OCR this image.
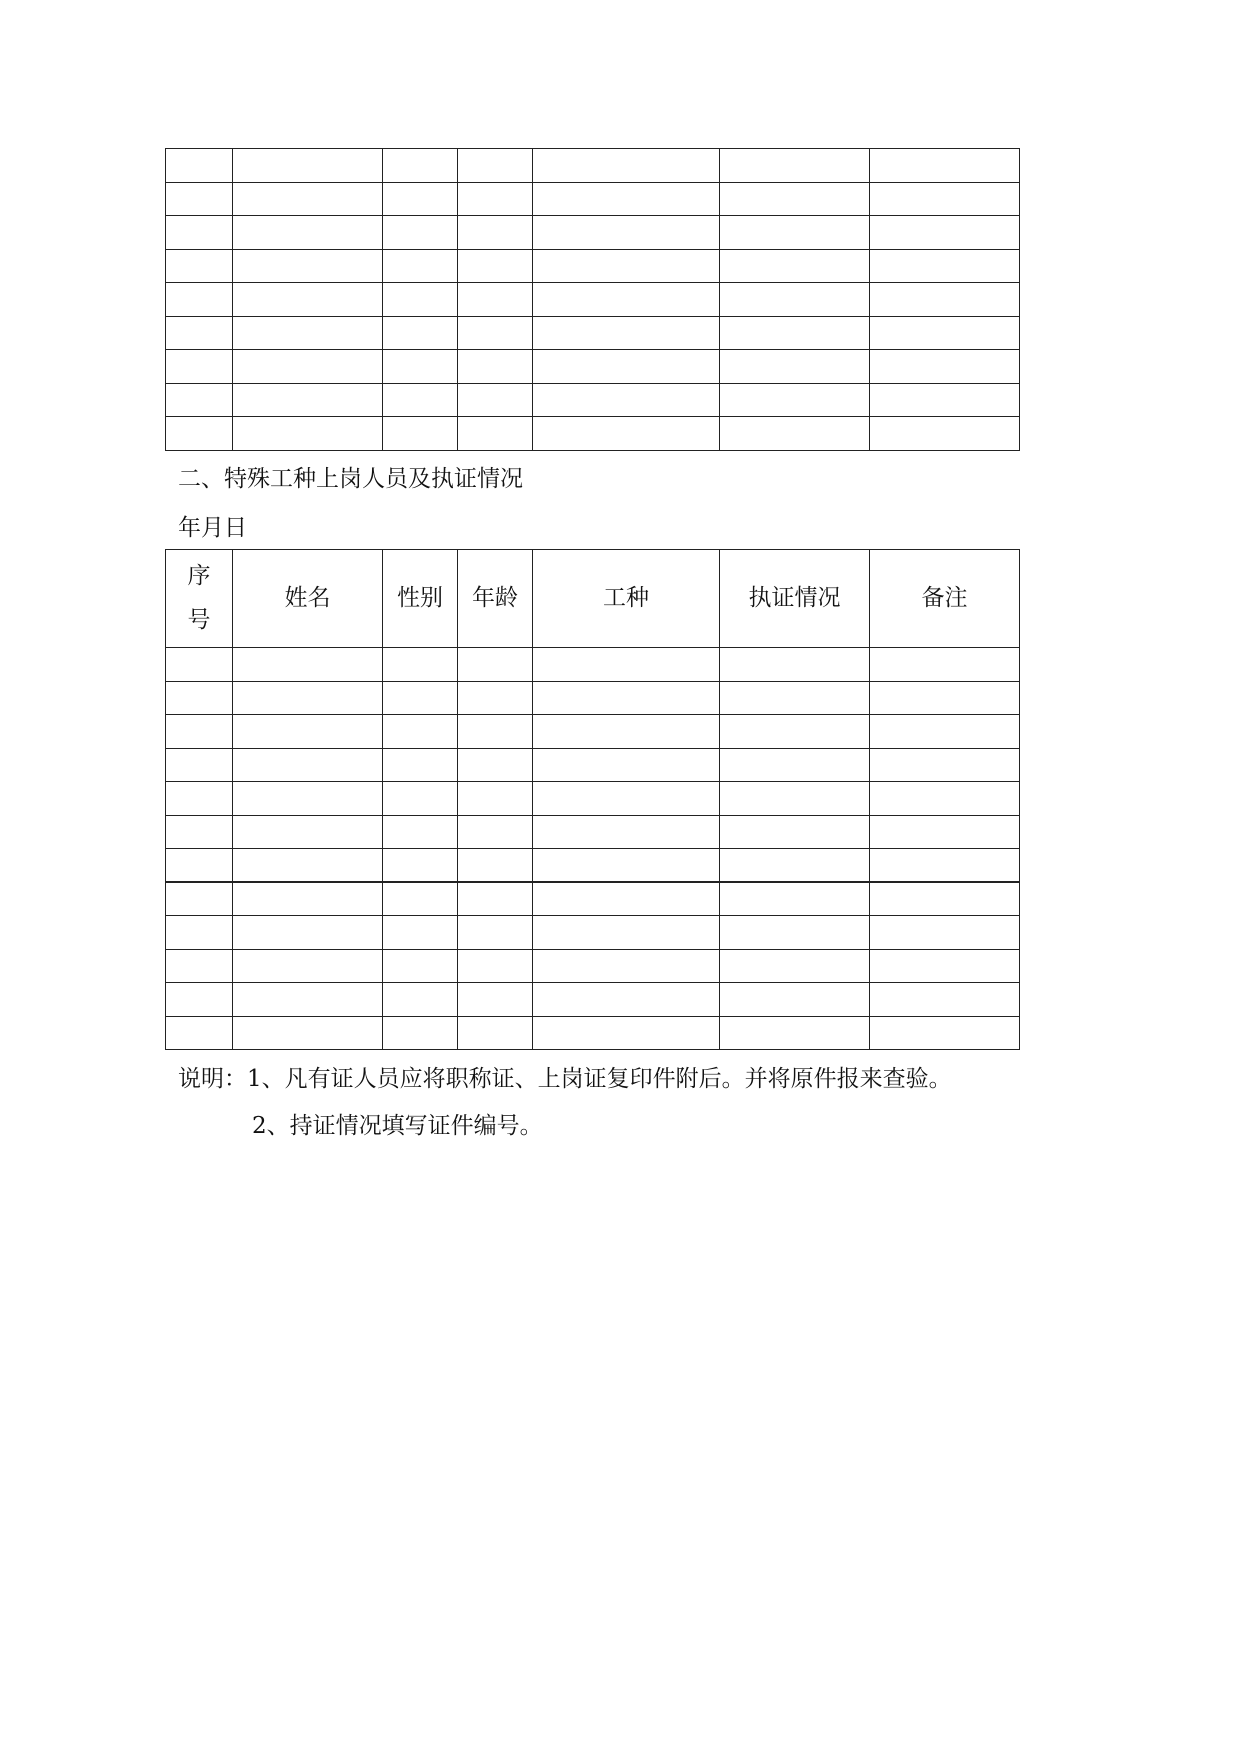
二、特殊工种上岗人员及执证情况
年月日
序号	姓名	性别	年龄	工种	执证情况	备注

说明：1、凡有证人员应将职称证、上岗证复印件附后。并将原件报来查验。
2、持证情况填写证件编号。
